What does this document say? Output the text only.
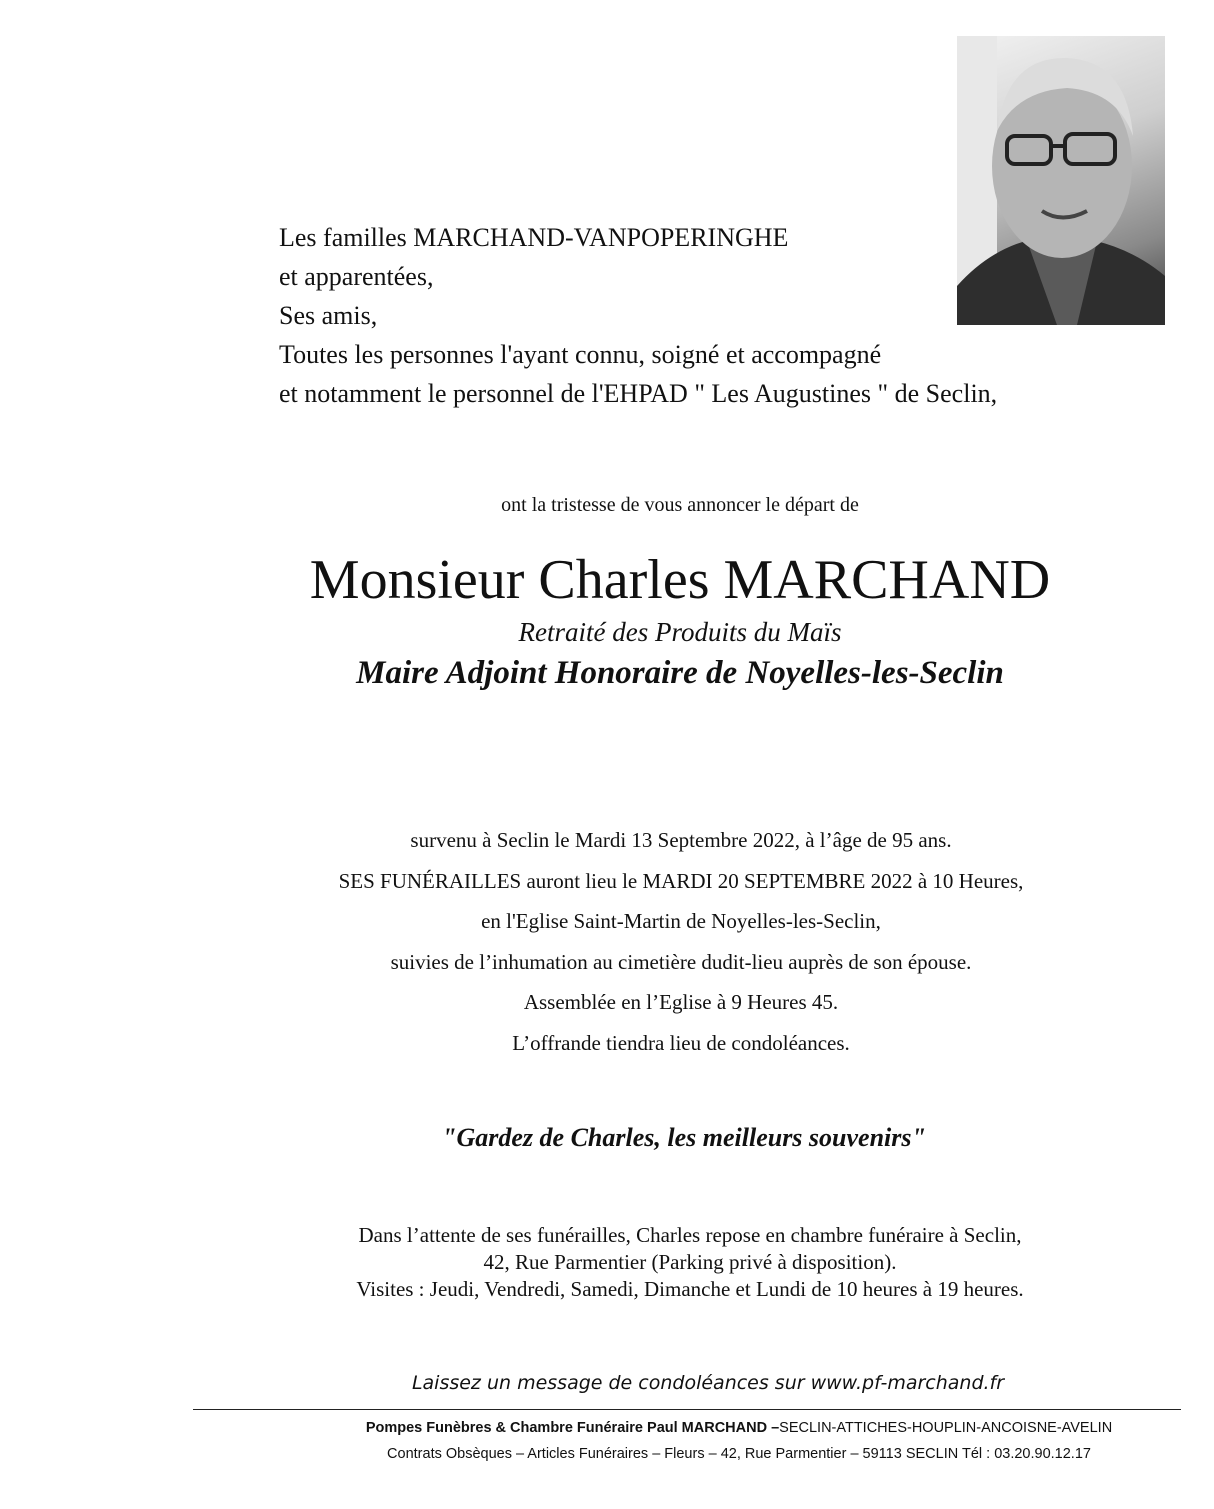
Les familles MARCHAND-VANPOPERINGHE
et apparentées,
Ses amis,
Toutes les personnes l'ayant connu, soigné et accompagné
et notamment le personnel de l'EHPAD " Les Augustines " de Seclin,
ont la tristesse de vous annoncer le départ de
Monsieur Charles MARCHAND
Retraité des Produits du Maïs
Maire Adjoint Honoraire de Noyelles-les-Seclin
survenu à Seclin le Mardi 13 Septembre 2022, à l’âge de 95 ans.
SES FUNÉRAILLES auront lieu le MARDI 20 SEPTEMBRE 2022 à 10 Heures,
en l'Eglise Saint-Martin de Noyelles-les-Seclin,
suivies de l’inhumation au cimetière dudit-lieu auprès de son épouse.
Assemblée en l’Eglise à 9 Heures 45.
L’offrande tiendra lieu de condoléances.
"Gardez de Charles, les meilleurs souvenirs"
Dans l’attente de ses funérailles, Charles repose en chambre funéraire à Seclin,
42, Rue Parmentier (Parking privé à disposition).
Visites : Jeudi, Vendredi, Samedi, Dimanche et Lundi de 10 heures à 19 heures.
Laissez un message de condoléances sur www.pf-marchand.fr
Pompes Funèbres & Chambre Funéraire Paul MARCHAND –SECLIN-ATTICHES-HOUPLIN-ANCOISNE-AVELIN
Contrats Obsèques – Articles Funéraires – Fleurs – 42, Rue Parmentier – 59113 SECLIN Tél : 03.20.90.12.17
